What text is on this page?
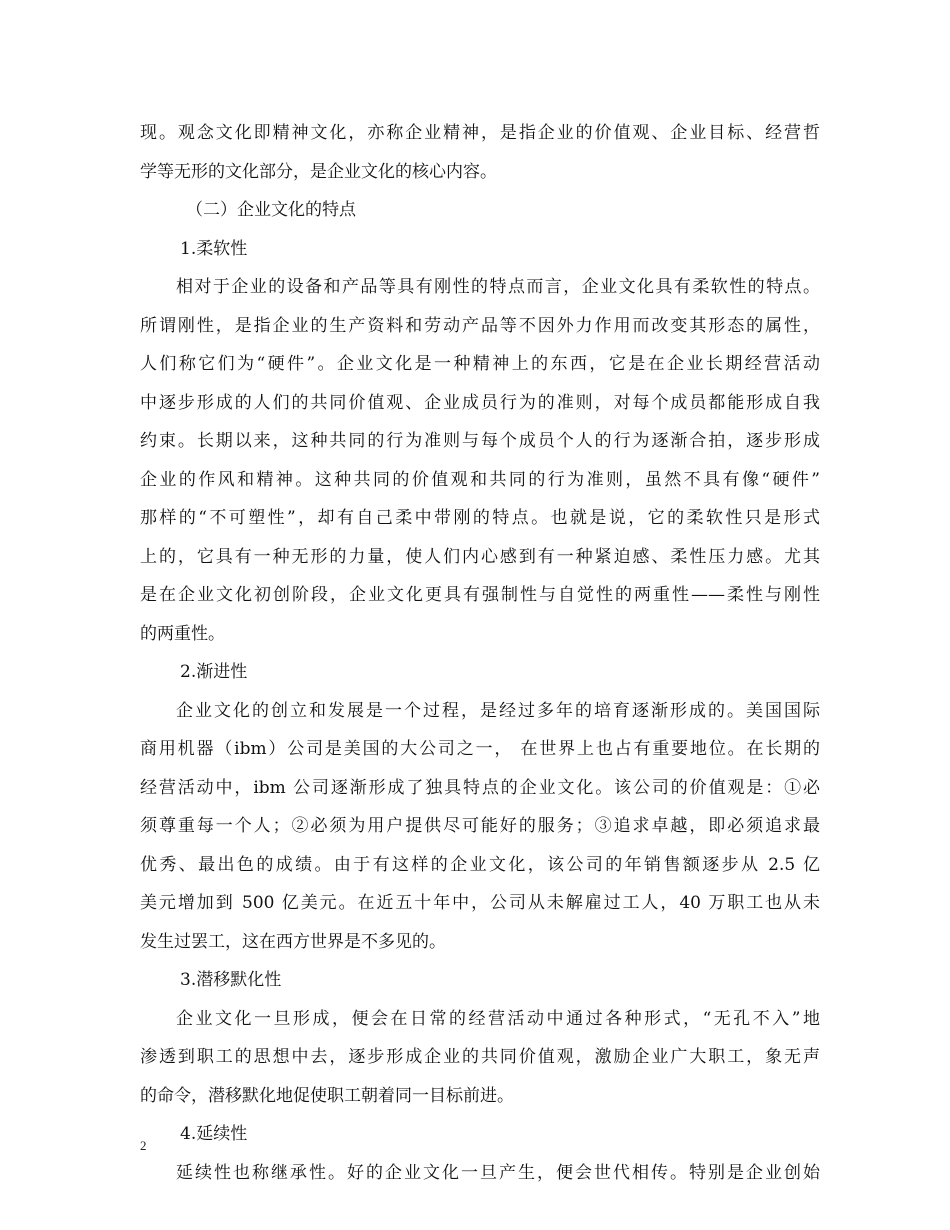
现。观念文化即精神文化，亦称企业精神，是指企业的价值观、企业目标、经营哲
学等无形的文化部分，是企业文化的核心内容。
（二）企业文化的特点
1.柔软性
相对于企业的设备和产品等具有刚性的特点而言，企业文化具有柔软性的特点。
所谓刚性，是指企业的生产资料和劳动产品等不因外力作用而改变其形态的属性，
人们称它们为“硬件”。企业文化是一种精神上的东西，它是在企业长期经营活动
中逐步形成的人们的共同价值观、企业成员行为的准则，对每个成员都能形成自我
约束。长期以来，这种共同的行为准则与每个成员个人的行为逐渐合拍，逐步形成
企业的作风和精神。这种共同的价值观和共同的行为准则，虽然不具有像“硬件”
那样的“不可塑性”，却有自己柔中带刚的特点。也就是说，它的柔软性只是形式
上的，它具有一种无形的力量，使人们内心感到有一种紧迫感、柔性压力感。尤其
是在企业文化初创阶段，企业文化更具有强制性与自觉性的两重性——柔性与刚性
的两重性。
2.渐进性
企业文化的创立和发展是一个过程，是经过多年的培育逐渐形成的。美国国际
商用机器（ibm）公司是美国的大公司之一， 在世界上也占有重要地位。在长期的
经营活动中，ibm 公司逐渐形成了独具特点的企业文化。该公司的价值观是：①必
须尊重每一个人；②必须为用户提供尽可能好的服务；③追求卓越，即必须追求最
优秀、最出色的成绩。由于有这样的企业文化，该公司的年销售额逐步从 2.5 亿
美元增加到 500 亿美元。在近五十年中，公司从未解雇过工人，40 万职工也从未
发生过罢工，这在西方世界是不多见的。
3.潜移默化性
企业文化一旦形成，便会在日常的经营活动中通过各种形式，“无孔不入”地
渗透到职工的思想中去，逐步形成企业的共同价值观，激励企业广大职工，象无声
的命令，潜移默化地促使职工朝着同一目标前进。
4.延续性
延续性也称继承性。好的企业文化一旦产生，便会世代相传。特别是企业创始
2
